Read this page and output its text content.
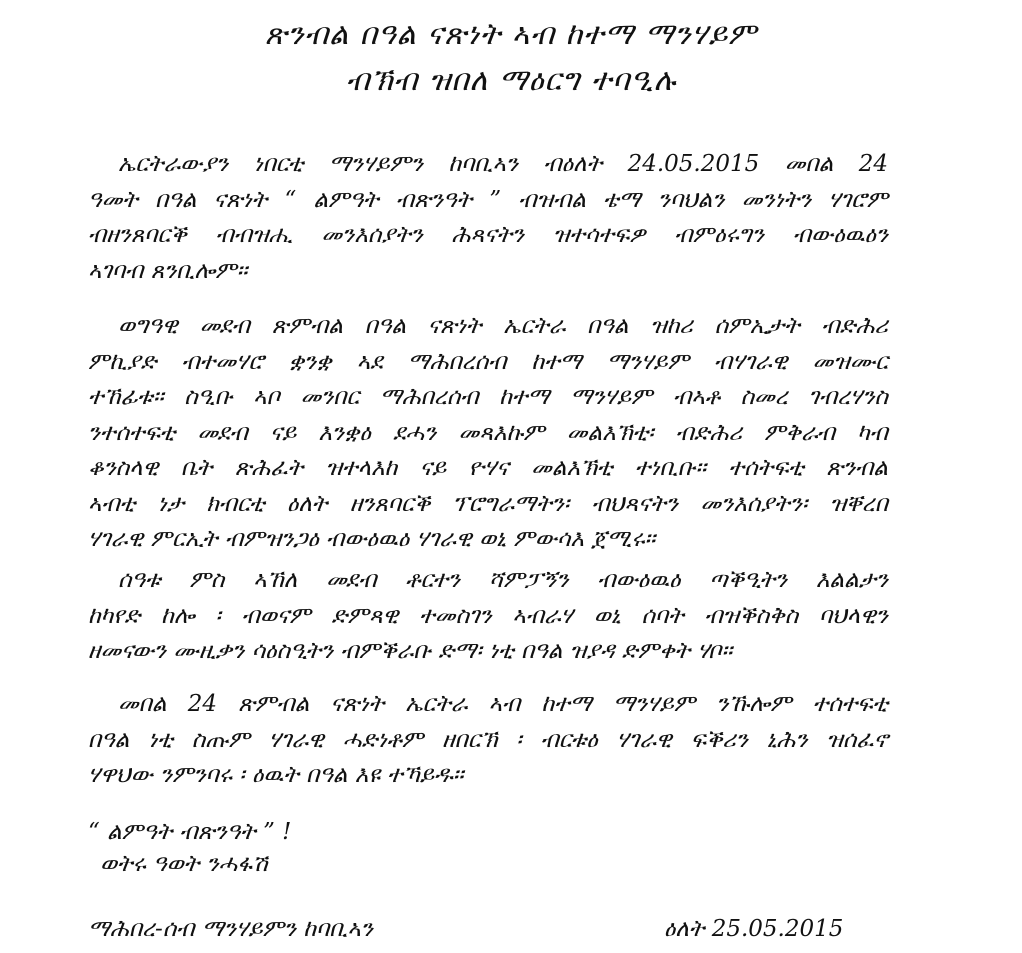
ጽንብል በዓል ናጽነት ኣብ ከተማ ማንሃይም
ብኽብ ዝበለ ማዕርግ ተባዒሉ
ኤርትራውያን ነበርቲ ማንሃይምን ከባቢኣን ብዕለት 24.05.2015 መበል 24
ዓመት በዓል ናጽነት “ ልምዓት ብጽንዓት ” ብዝብል ቴማ ንባህልን መንነትን ሃገሮም
ብዘንጸባርቕ ብብዝሒ መንእሰያትን ሕጻናትን ዝተሳተፍዎ ብምዕሩግን ብውዕዉዕን
ኣገባብ ጸንቢሎም።
ወግዓዊ መደብ ጽምብል በዓል ናጽነት ኤርትራ በዓል ዝከሪ ሰምኢታት ብድሕሪ
ምኪያድ ብተመሃሮ ቋንቋ ኣደ ማሕበረሰብ ከተማ ማንሃይም ብሃገራዊ መዝሙር
ተኸፊቱ። ስዒቡ ኣቦ መንበር ማሕበረሰብ ከተማ ማንሃይም ብኣቶ ስመረ ገብረሃንስ
ንተሰተፍቲ መደብ ናይ እንቋዕ ደሓን መጻእኩም መልእኽቲ፡ ብድሕሪ ምቅራብ ካብ
ቆንስላዊ ቤት ጽሕፈት ዝተላእከ ናይ ዮሃና መልእኽቲ ተነቢቡ። ተሰትፍቲ ጽንብል
ኣብቲ ነታ ክብርቲ ዕለት ዘንጸባርቕ ፕሮግራማትን፡ ብህጻናትን መንእሰያትን፡ ዝቐረበ
ሃገራዊ ምርኢት ብምዝንጋዕ ብውዕዉዕ ሃገራዊ ወኒ ምውሳእ ጀሚሩ።
ሰዓቱ ምስ ኣኸለ መደብ ቶርተን ሻምፓኝን ብውዕዉዕ ጣቕዒትን እልልታን
ከካየድ ከሎ ፡ ብወናም ድምጻዊ ተመስገን ኣብራሃ ወኒ ሰባት ብዝቕስቅስ ባህላዊን
ዘመናውን ሙዚቃን ሳዕስዒትን ብምቕራቡ ድማ፡ ነቲ በዓል ዝያዳ ድምቀት ሃቦ።
መበል 24 ጽምብል ናጽነት ኤርትራ ኣብ ከተማ ማንሃይም ንኹሎም ተሰተፍቲ
በዓል ነቲ ስጡም ሃገራዊ ሓድነቶም ዘበርኽ ፡ ብርቱዕ ሃገራዊ ፍቕሪን ኒሕን ዝሰፈኖ
ሃዋህው ንምንባሩ ፡ ዕዉት በዓል እዩ ተኻይዱ።
“ ልምዓት ብጽንዓት ” !
ወትሩ ዓወት ንሓፋሽ
ማሕበረ-ሰብ ማንሃይምን ከባቢኣን	ዕለት 25.05.2015
